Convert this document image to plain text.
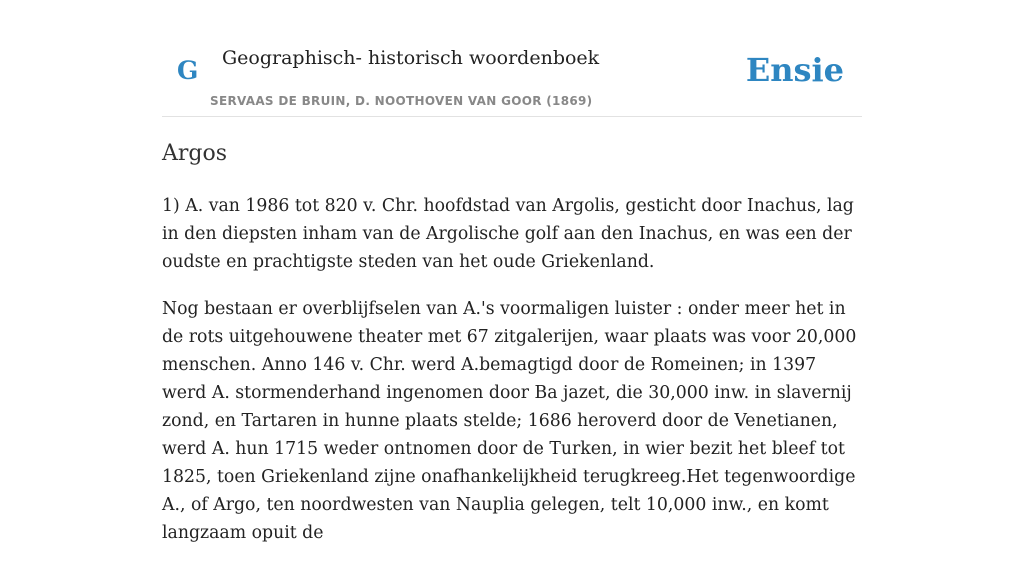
G Geographisch- historisch woordenboek
SERVAAS DE BRUIN, D. NOOTHOVEN VAN GOOR (1869)
Ensie
Argos

1) A. van 1986 tot 820 v. Chr. hoofdstad van Argolis, gesticht door Inachus, lag in den diepsten inham van de Argolische golf aan den Inachus, en was een der oudste en prachtigste steden van het oude Griekenland.

Nog bestaan er overblijfselen van A.'s voormaligen luister : onder meer het in de rots uitgehouwene theater met 67 zitgalerijen, waar plaats was voor 20,000 menschen. Anno 146 v. Chr. werd A.bemagtigd door de Romeinen; in 1397 werd A. stormenderhand ingenomen door Ba jazet, die 30,000 inw. in slavernij zond, en Tartaren in hunne plaats stelde; 1686 heroverd door de Venetianen, werd A. hun 1715 weder ontnomen door de Turken, in wier bezit het bleef tot 1825, toen Griekenland zijne onafhankelijkheid terugkreeg.Het tegenwoordige A., of Argo, ten noordwesten van Nauplia gelegen, telt 10,000 inw., en komt langzaam opuit de
